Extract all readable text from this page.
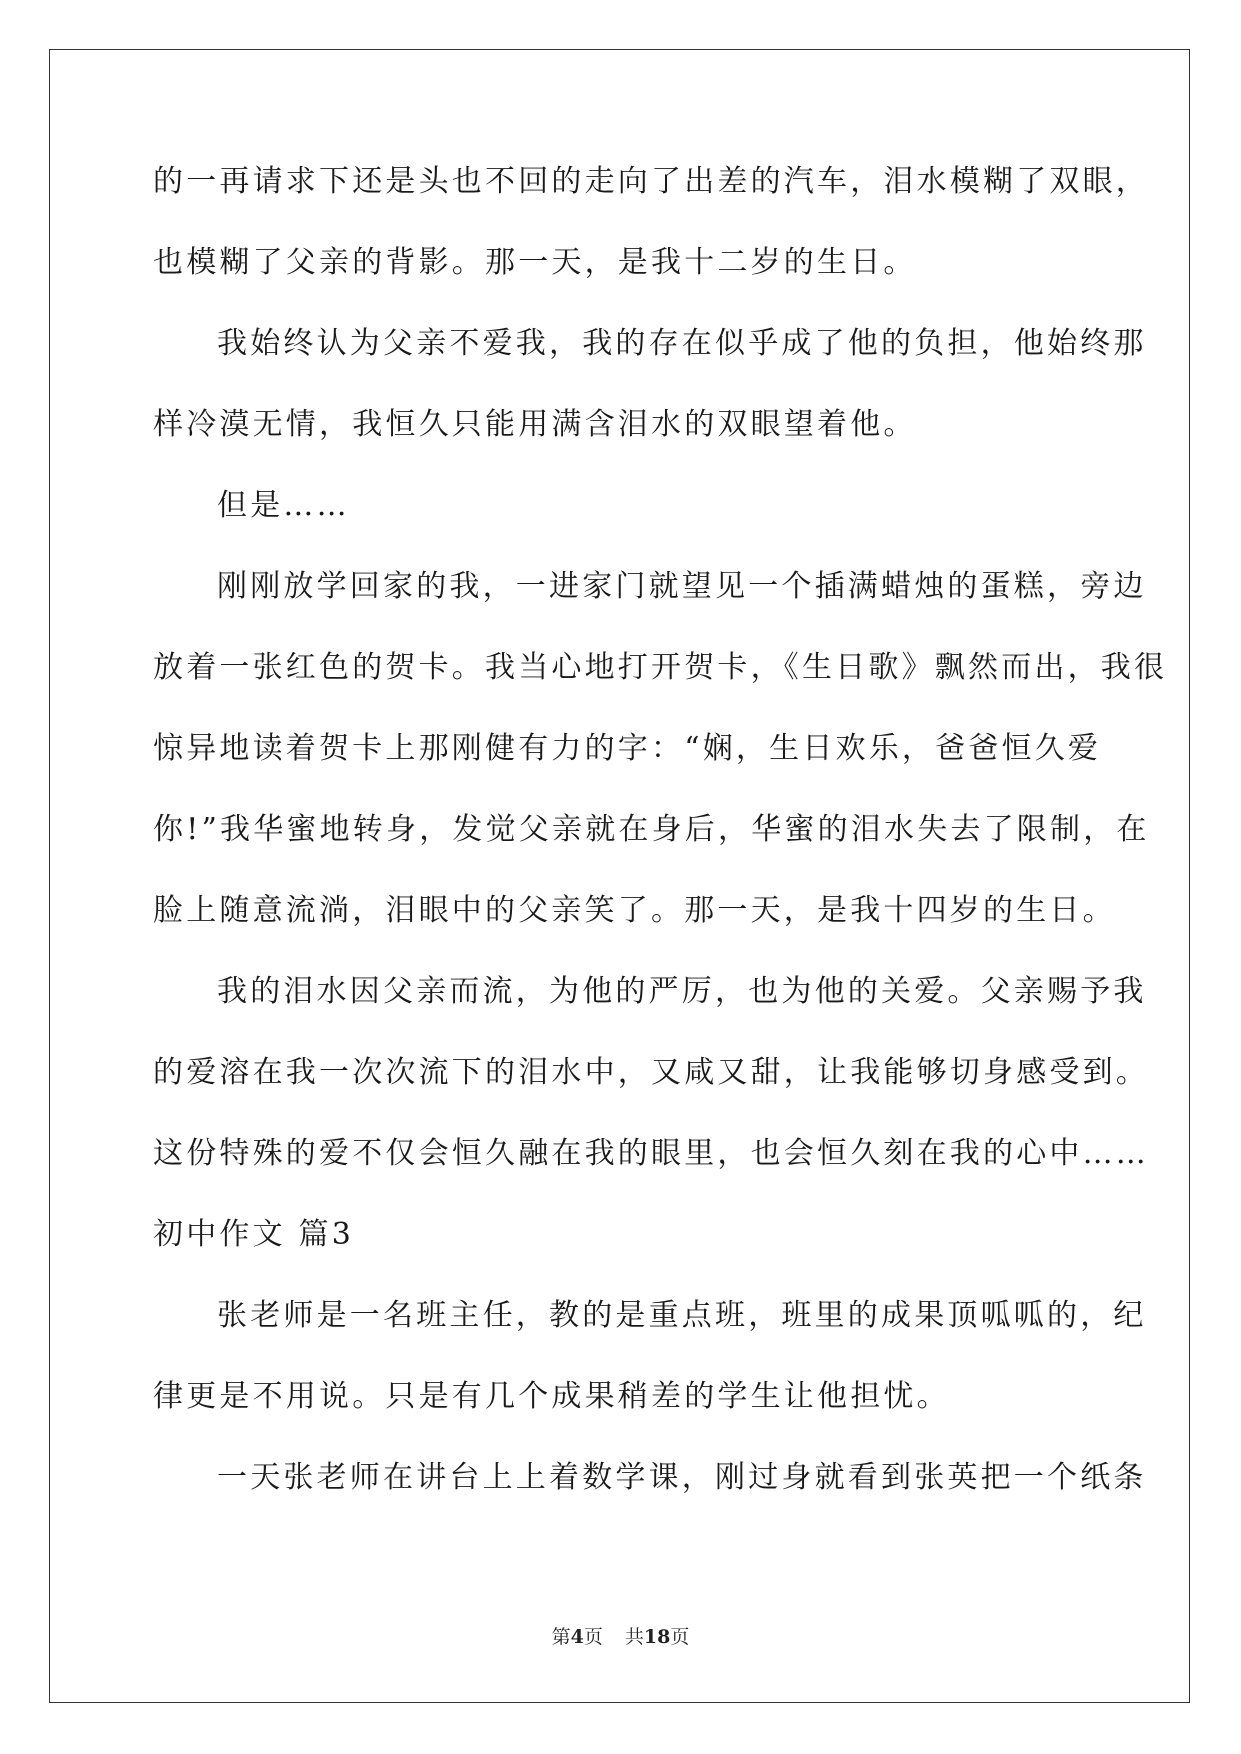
的一再请求下还是头也不回的走向了出差的汽车，泪水模糊了双眼，
也模糊了父亲的背影。那一天，是我十二岁的生日。
我始终认为父亲不爱我，我的存在似乎成了他的负担，他始终那
样冷漠无情，我恒久只能用满含泪水的双眼望着他。
但是……
刚刚放学回家的我，一进家门就望见一个插满蜡烛的蛋糕，旁边
放着一张红色的贺卡。我当心地打开贺卡，《生日歌》飘然而出，我很
惊异地读着贺卡上那刚健有力的字：“娴，生日欢乐，爸爸恒久爱
你!”我华蜜地转身，发觉父亲就在身后，华蜜的泪水失去了限制，在
脸上随意流淌，泪眼中的父亲笑了。那一天，是我十四岁的生日。
我的泪水因父亲而流，为他的严厉，也为他的关爱。父亲赐予我
的爱溶在我一次次流下的泪水中，又咸又甜，让我能够切身感受到。
这份特殊的爱不仅会恒久融在我的眼里，也会恒久刻在我的心中……
初中作文 篇3
张老师是一名班主任，教的是重点班，班里的成果顶呱呱的，纪
律更是不用说。只是有几个成果稍差的学生让他担忧。
一天张老师在讲台上上着数学课，刚过身就看到张英把一个纸条
第4页 共18页
